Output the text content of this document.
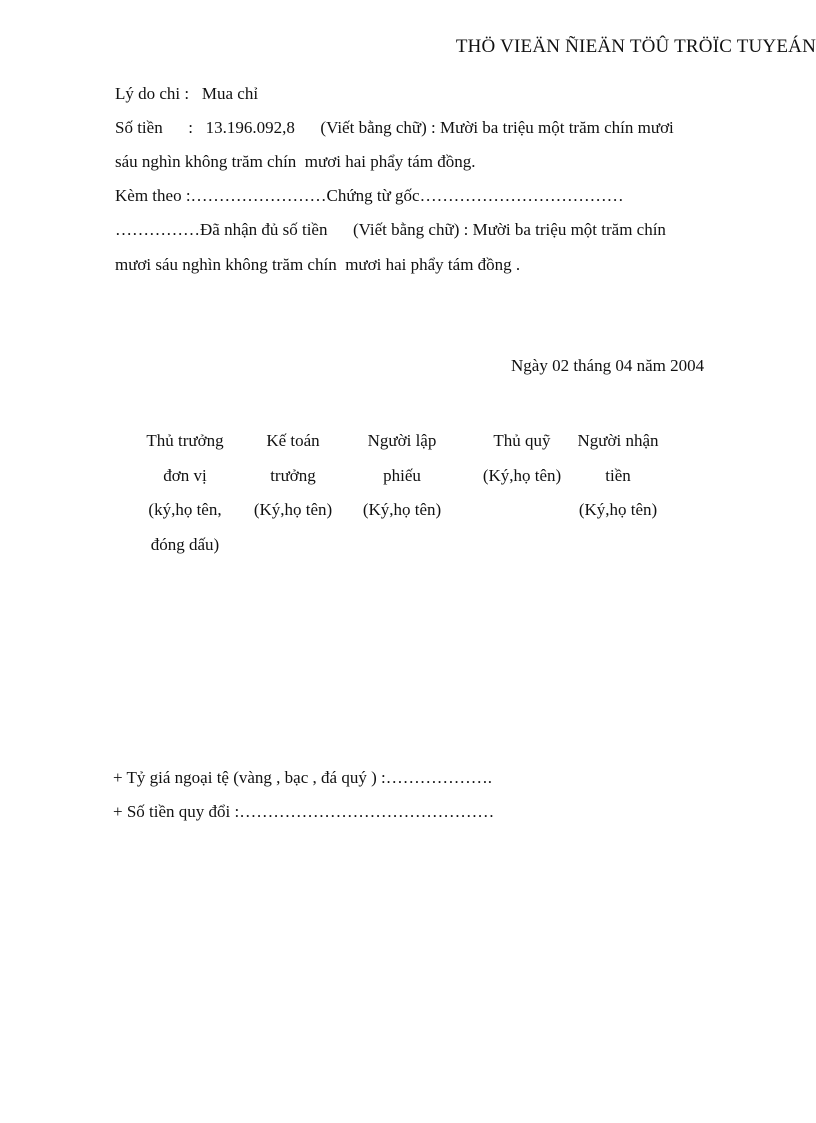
THÖ VIEÄN ÑIEÄN TÖÛ TRÖÏC TUYEÁN
Lý do chi :   Mua chỉ
Số tiền      :   13.196.092,8      (Viết bằng chữ) : Mười ba triệu một trăm chín mươi
sáu nghìn không trăm chín  mươi hai phẩy tám đồng.
Kèm theo :……………………Chứng từ gốc………………………………
……………Đã nhận đủ số tiền      (Viết bằng chữ) : Mười ba triệu một trăm chín
mươi sáu nghìn không trăm chín  mươi hai phẩy tám đồng .
Ngày 02 tháng 04 năm 2004
Thủ trưởng
đơn vị
(ký,họ tên,
đóng dấu)
Kế toán
trưởng
(Ký,họ tên)
Người lập
phiếu
(Ký,họ tên)
Thủ quỹ
(Ký,họ tên)
Người nhận
tiền
(Ký,họ tên)
+ Tỷ giá ngoại tệ (vàng , bạc , đá quý ) :……………….
+ Số tiền quy đổi :………………………………………
